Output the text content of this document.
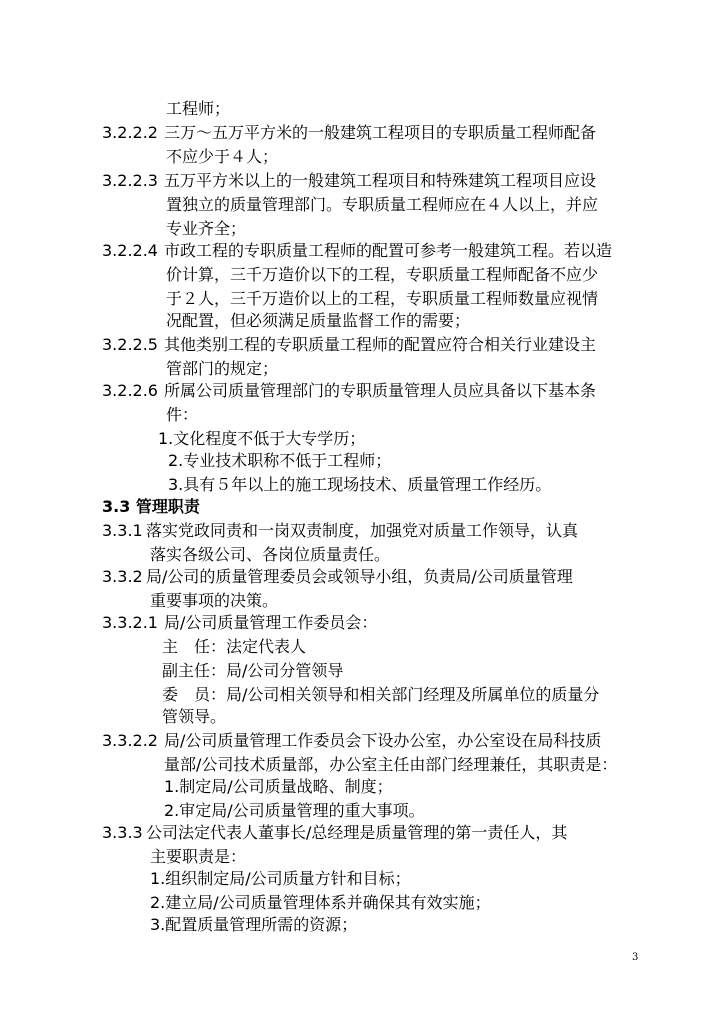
工程师；
3.2.2.2 三万～五万平方米的一般建筑工程项目的专职质量工程师配备
不应少于４人；
3.2.2.3 五万平方米以上的一般建筑工程项目和特殊建筑工程项目应设
置独立的质量管理部门。专职质量工程师应在４人以上，并应
专业齐全；
3.2.2.4 市政工程的专职质量工程师的配置可参考一般建筑工程。若以造
价计算，三千万造价以下的工程，专职质量工程师配备不应少
于２人，三千万造价以上的工程，专职质量工程师数量应视情
况配置，但必须满足质量监督工作的需要；
3.2.2.5 其他类别工程的专职质量工程师的配置应符合相关行业建设主
管部门的规定；
3.2.2.6 所属公司质量管理部门的专职质量管理人员应具备以下基本条
件：
1.文化程度不低于大专学历；
2.专业技术职称不低于工程师；
3.具有５年以上的施工现场技术、质量管理工作经历。
3.3 管理职责
3.3.1 落实党政同责和一岗双责制度，加强党对质量工作领导，认真
落实各级公司、各岗位质量责任。
3.3.2 局/公司的质量管理委员会或领导小组，负责局/公司质量管理
重要事项的决策。
3.3.2.1 局/公司质量管理工作委员会：
主　任：法定代表人
副主任：局/公司分管领导
委　员：局/公司相关领导和相关部门经理及所属单位的质量分
管领导。
3.3.2.2 局/公司质量管理工作委员会下设办公室，办公室设在局科技质
量部/公司技术质量部，办公室主任由部门经理兼任，其职责是：
1.制定局/公司质量战略、制度；
2.审定局/公司质量管理的重大事项。
3.3.3 公司法定代表人董事长/总经理是质量管理的第一责任人，其
主要职责是：
1.组织制定局/公司质量方针和目标；
2.建立局/公司质量管理体系并确保其有效实施；
3.配置质量管理所需的资源；
3
